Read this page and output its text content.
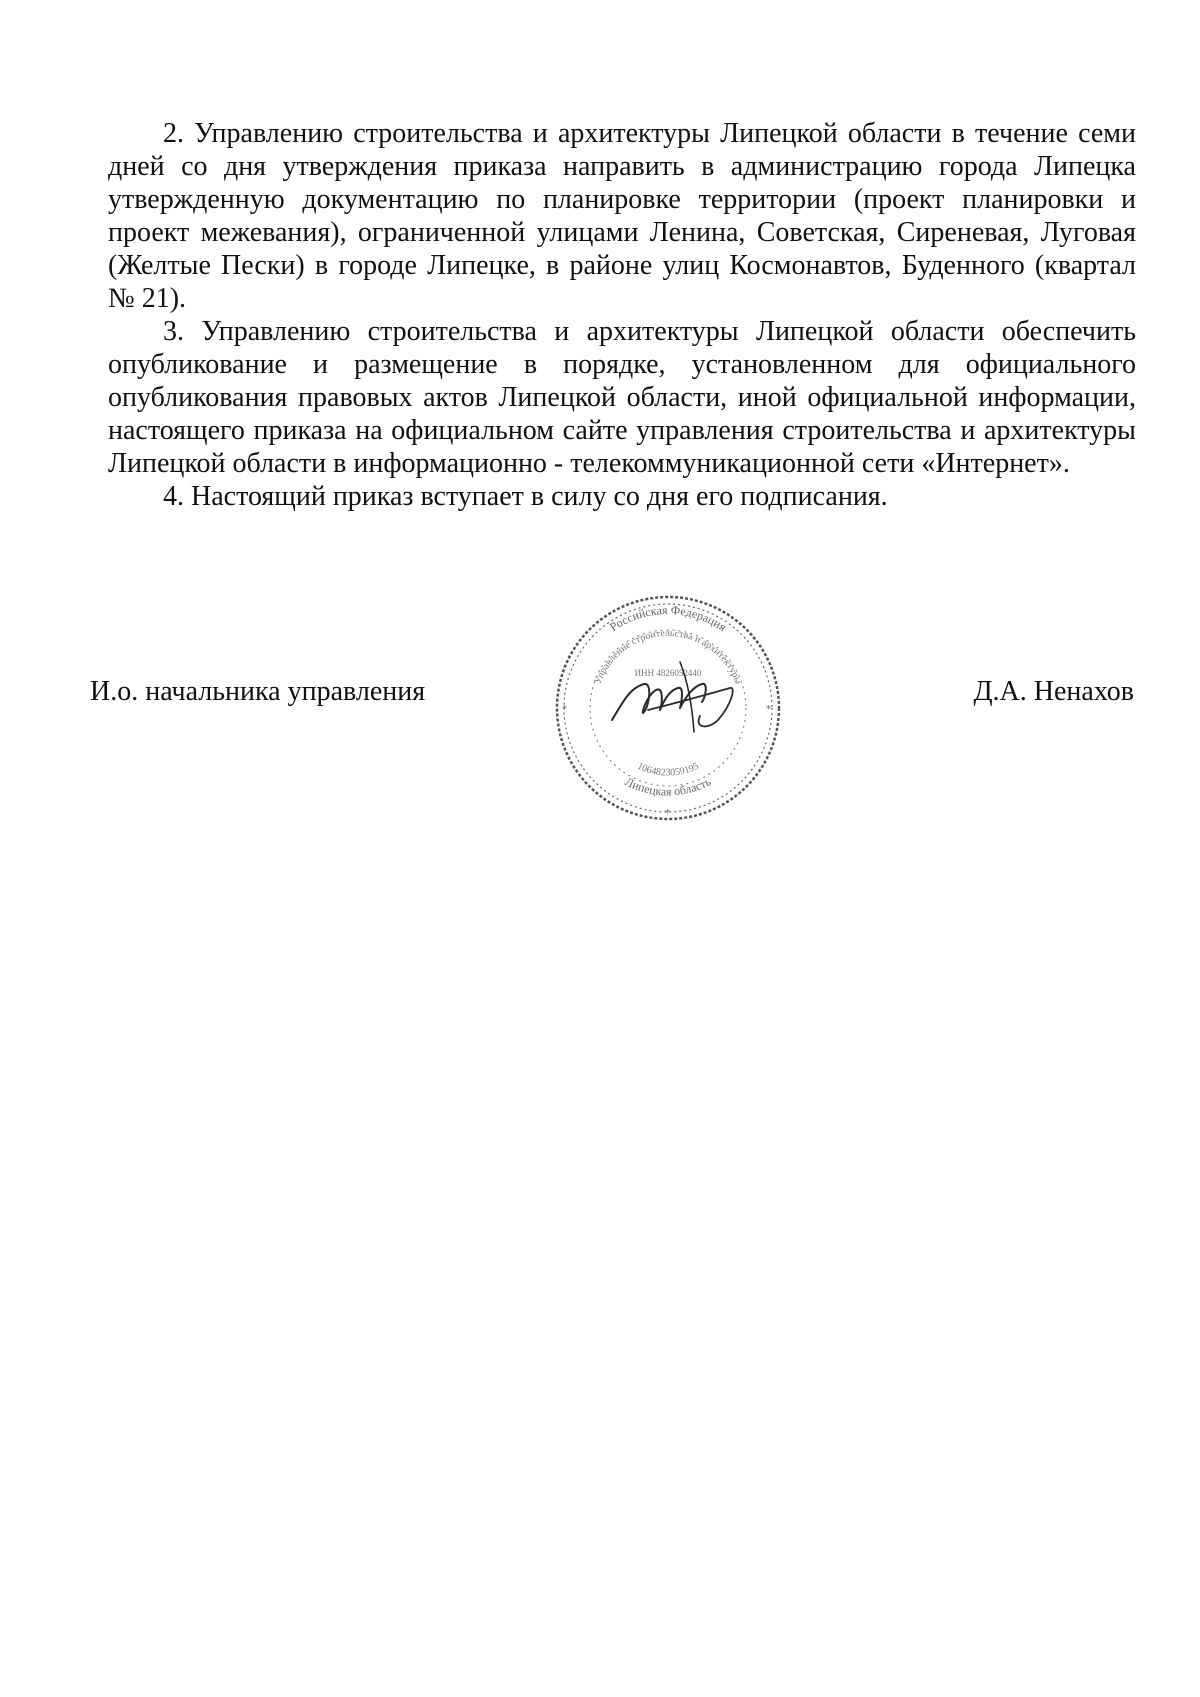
2. Управлению строительства и архитектуры Липецкой области в течение семи дней со дня утверждения приказа направить в администрацию города Липецка утвержденную документацию по планировке территории (проект планировки и проект межевания), ограниченной улицами Ленина, Советская, Сиреневая, Луговая (Желтые Пески) в городе Липецке, в районе улиц Космонавтов, Буденного (квартал № 21).

3. Управлению строительства и архитектуры Липецкой области обеспечить опубликование и размещение в порядке, установленном для официального опубликования правовых актов Липецкой области, иной официальной информации, настоящего приказа на официальном сайте управления строительства и архитектуры Липецкой области в информационно - телекоммуникационной сети «Интернет».

4. Настоящий приказ вступает в силу со дня его подписания.

И.о. начальника управления
Российская Федерация
Липецкая область
Управление строительства и архитектуры
1064823059195
ИНН 4826052440
*	*
*
Д.А. Ненахов
